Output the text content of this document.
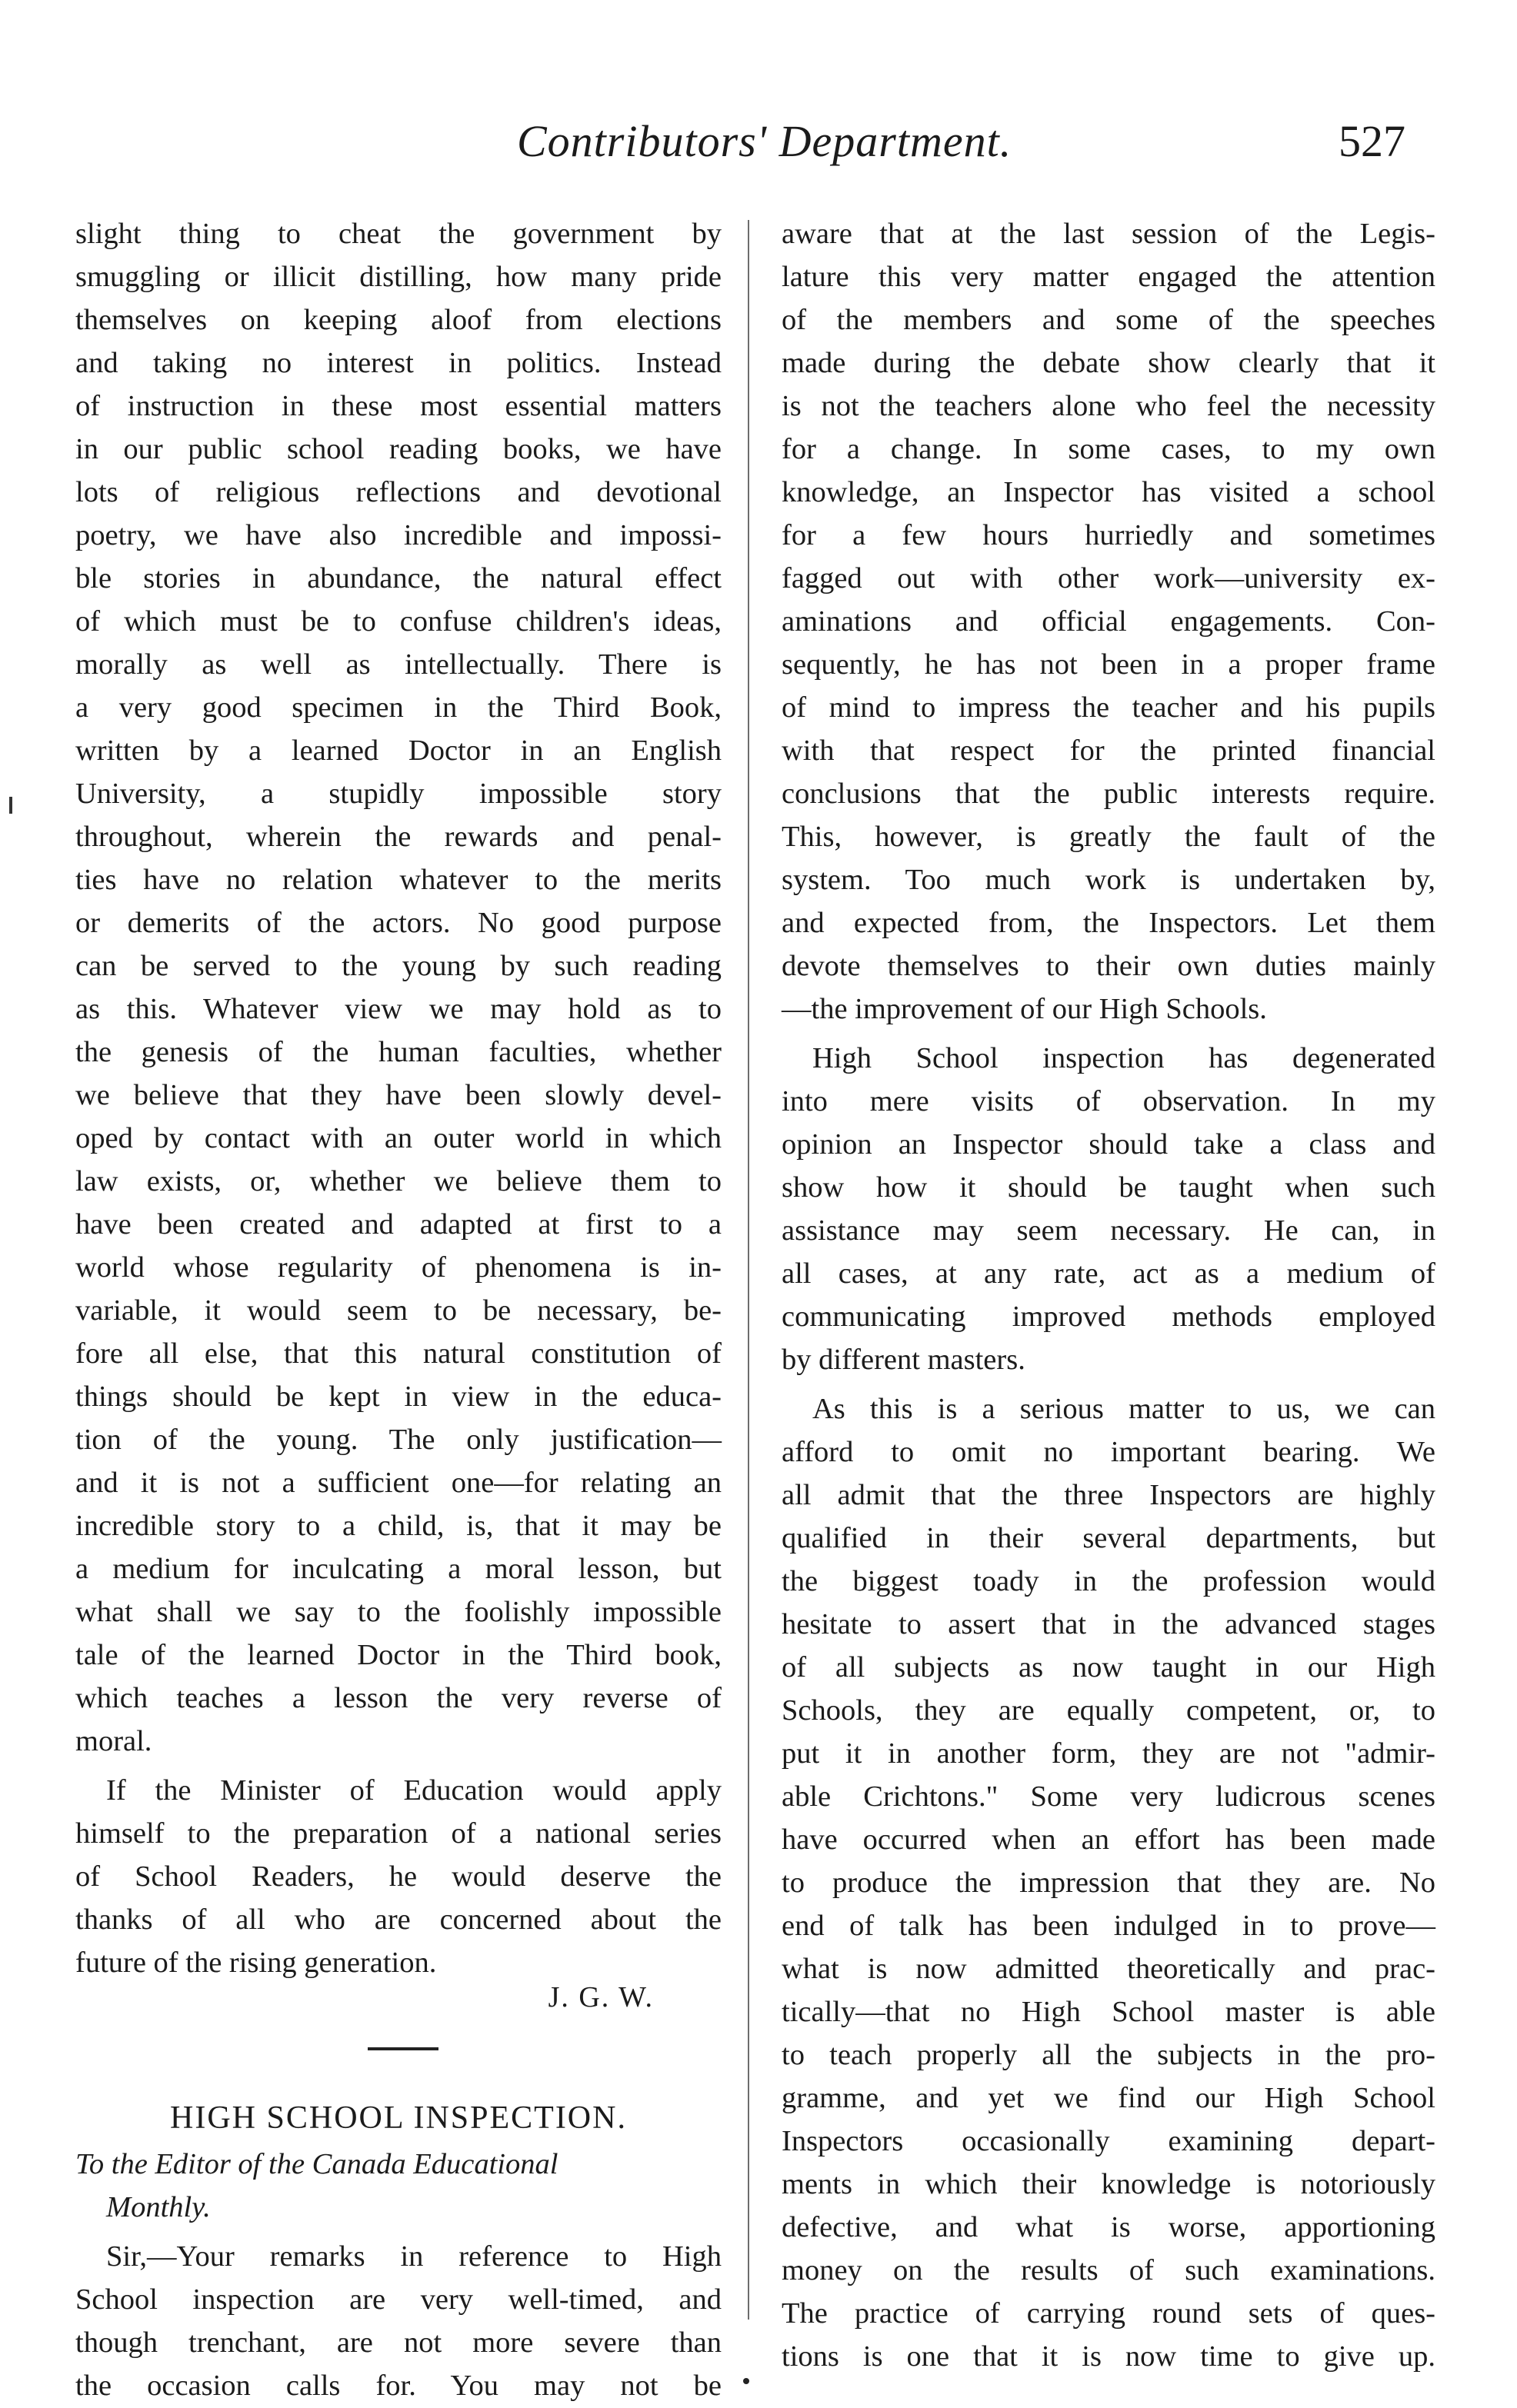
Contributors' Department.	527
slight thing to cheat the government by
smuggling or illicit distilling, how many pride
themselves on keeping aloof from elections
and taking no interest in politics. Instead
of instruction in these most essential matters
in our public school reading books, we have
lots of religious reflections and devotional
poetry, we have also incredible and impossi-
ble stories in abundance, the natural effect
of which must be to confuse children's ideas,
morally as well as intellectually. There is
a very good specimen in the Third Book,
written by a learned Doctor in an English
University, a stupidly impossible story
throughout, wherein the rewards and penal-
ties have no relation whatever to the merits
or demerits of the actors. No good purpose
can be served to the young by such reading
as this. Whatever view we may hold as to
the genesis of the human faculties, whether
we believe that they have been slowly devel-
oped by contact with an outer world in which
law exists, or, whether we believe them to
have been created and adapted at first to a
world whose regularity of phenomena is in-
variable, it would seem to be necessary, be-
fore all else, that this natural constitution of
things should be kept in view in the educa-
tion of the young. The only justification—
and it is not a sufficient one—for relating an
incredible story to a child, is, that it may be
a medium for inculcating a moral lesson, but
what shall we say to the foolishly impossible
tale of the learned Doctor in the Third book,
which teaches a lesson the very reverse of
moral.
If the Minister of Education would apply
himself to the preparation of a national series
of School Readers, he would deserve the
thanks of all who are concerned about the
future of the rising generation.
J. G. W.
HIGH SCHOOL INSPECTION.
To the Editor of the Canada Educational
Monthly.
Sir,—Your remarks in reference to High
School inspection are very well-timed, and
though trenchant, are not more severe than
the occasion calls for. You may not be
aware that at the last session of the Legis-
lature this very matter engaged the attention
of the members and some of the speeches
made during the debate show clearly that it
is not the teachers alone who feel the necessity
for a change. In some cases, to my own
knowledge, an Inspector has visited a school
for a few hours hurriedly and sometimes
fagged out with other work—university ex-
aminations and official engagements. Con-
sequently, he has not been in a proper frame
of mind to impress the teacher and his pupils
with that respect for the printed financial
conclusions that the public interests require.
This, however, is greatly the fault of the
system. Too much work is undertaken by,
and expected from, the Inspectors. Let them
devote themselves to their own duties mainly
—the improvement of our High Schools.
High School inspection has degenerated
into mere visits of observation. In my
opinion an Inspector should take a class and
show how it should be taught when such
assistance may seem necessary. He can, in
all cases, at any rate, act as a medium of
communicating improved methods employed
by different masters.
As this is a serious matter to us, we can
afford to omit no important bearing. We
all admit that the three Inspectors are highly
qualified in their several departments, but
the biggest toady in the profession would
hesitate to assert that in the advanced stages
of all subjects as now taught in our High
Schools, they are equally competent, or, to
put it in another form, they are not "admir-
able Crichtons." Some very ludicrous scenes
have occurred when an effort has been made
to produce the impression that they are. No
end of talk has been indulged in to prove—
what is now admitted theoretically and prac-
tically—that no High School master is able
to teach properly all the subjects in the pro-
gramme, and yet we find our High School
Inspectors occasionally examining depart-
ments in which their knowledge is notoriously
defective, and what is worse, apportioning
money on the results of such examinations.
The practice of carrying round sets of ques-
tions is one that it is now time to give up.
